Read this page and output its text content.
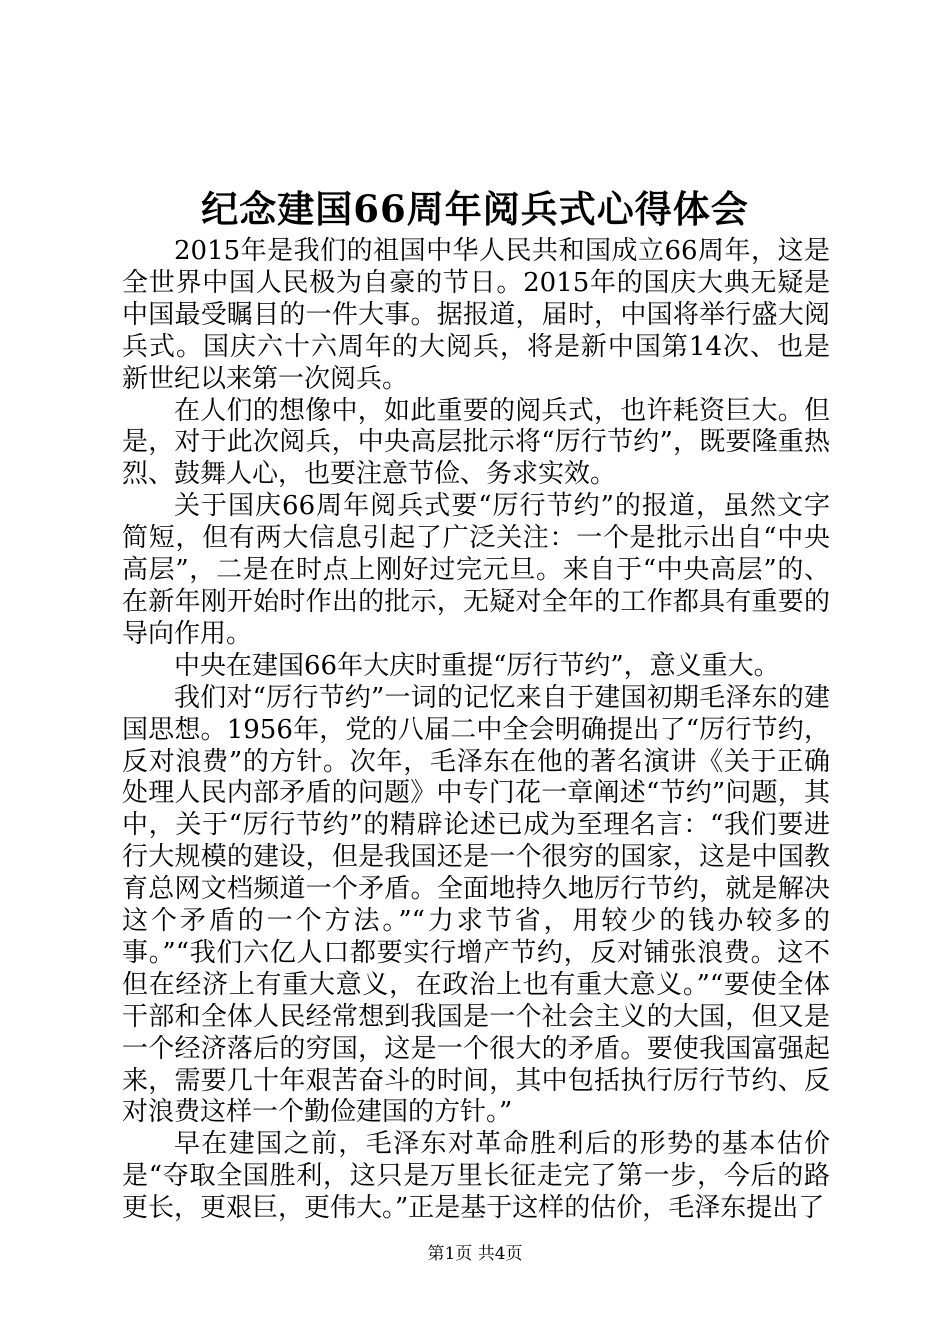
纪念建国66周年阅兵式心得体会

2015年是我们的祖国中华人民共和国成立66周年，这是全世界中国人民极为自豪的节日。2015年的国庆大典无疑是中国最受瞩目的一件大事。据报道，届时，中国将举行盛大阅兵式。国庆六十六周年的大阅兵，将是新中国第14次、也是新世纪以来第一次阅兵。

在人们的想像中，如此重要的阅兵式，也许耗资巨大。但是，对于此次阅兵，中央高层批示将“厉行节约”，既要隆重热烈、鼓舞人心，也要注意节俭、务求实效。

关于国庆66周年阅兵式要“厉行节约”的报道，虽然文字简短，但有两大信息引起了广泛关注：一个是批示出自“中央高层”，二是在时点上刚好过完元旦。来自于“中央高层”的、在新年刚开始时作出的批示，无疑对全年的工作都具有重要的导向作用。

中央在建国66年大庆时重提“厉行节约”，意义重大。

我们对“厉行节约”一词的记忆来自于建国初期毛泽东的建国思想。1956年，党的八届二中全会明确提出了“厉行节约，反对浪费”的方针。次年，毛泽东在他的著名演讲《关于正确处理人民内部矛盾的问题》中专门花一章阐述“节约”问题，其中，关于“厉行节约”的精辟论述已成为至理名言：“我们要进行大规模的建设，但是我国还是一个很穷的国家，这是中国教育总网文档频道一个矛盾。全面地持久地厉行节约，就是解决这个矛盾的一个方法。”“力求节省，用较少的钱办较多的事。”“我们六亿人口都要实行增产节约，反对铺张浪费。这不但在经济上有重大意义，在政治上也有重大意义。”“要使全体干部和全体人民经常想到我国是一个社会主义的大国，但又是一个经济落后的穷国，这是一个很大的矛盾。要使我国富强起来，需要几十年艰苦奋斗的时间，其中包括执行厉行节约、反对浪费这样一个勤俭建国的方针。”

早在建国之前，毛泽东对革命胜利后的形势的基本估价是“夺取全国胜利，这只是万里长征走完了第一步，今后的路更长，更艰巨，更伟大。”正是基于这样的估价，毛泽东提出了

第1页 共4页
